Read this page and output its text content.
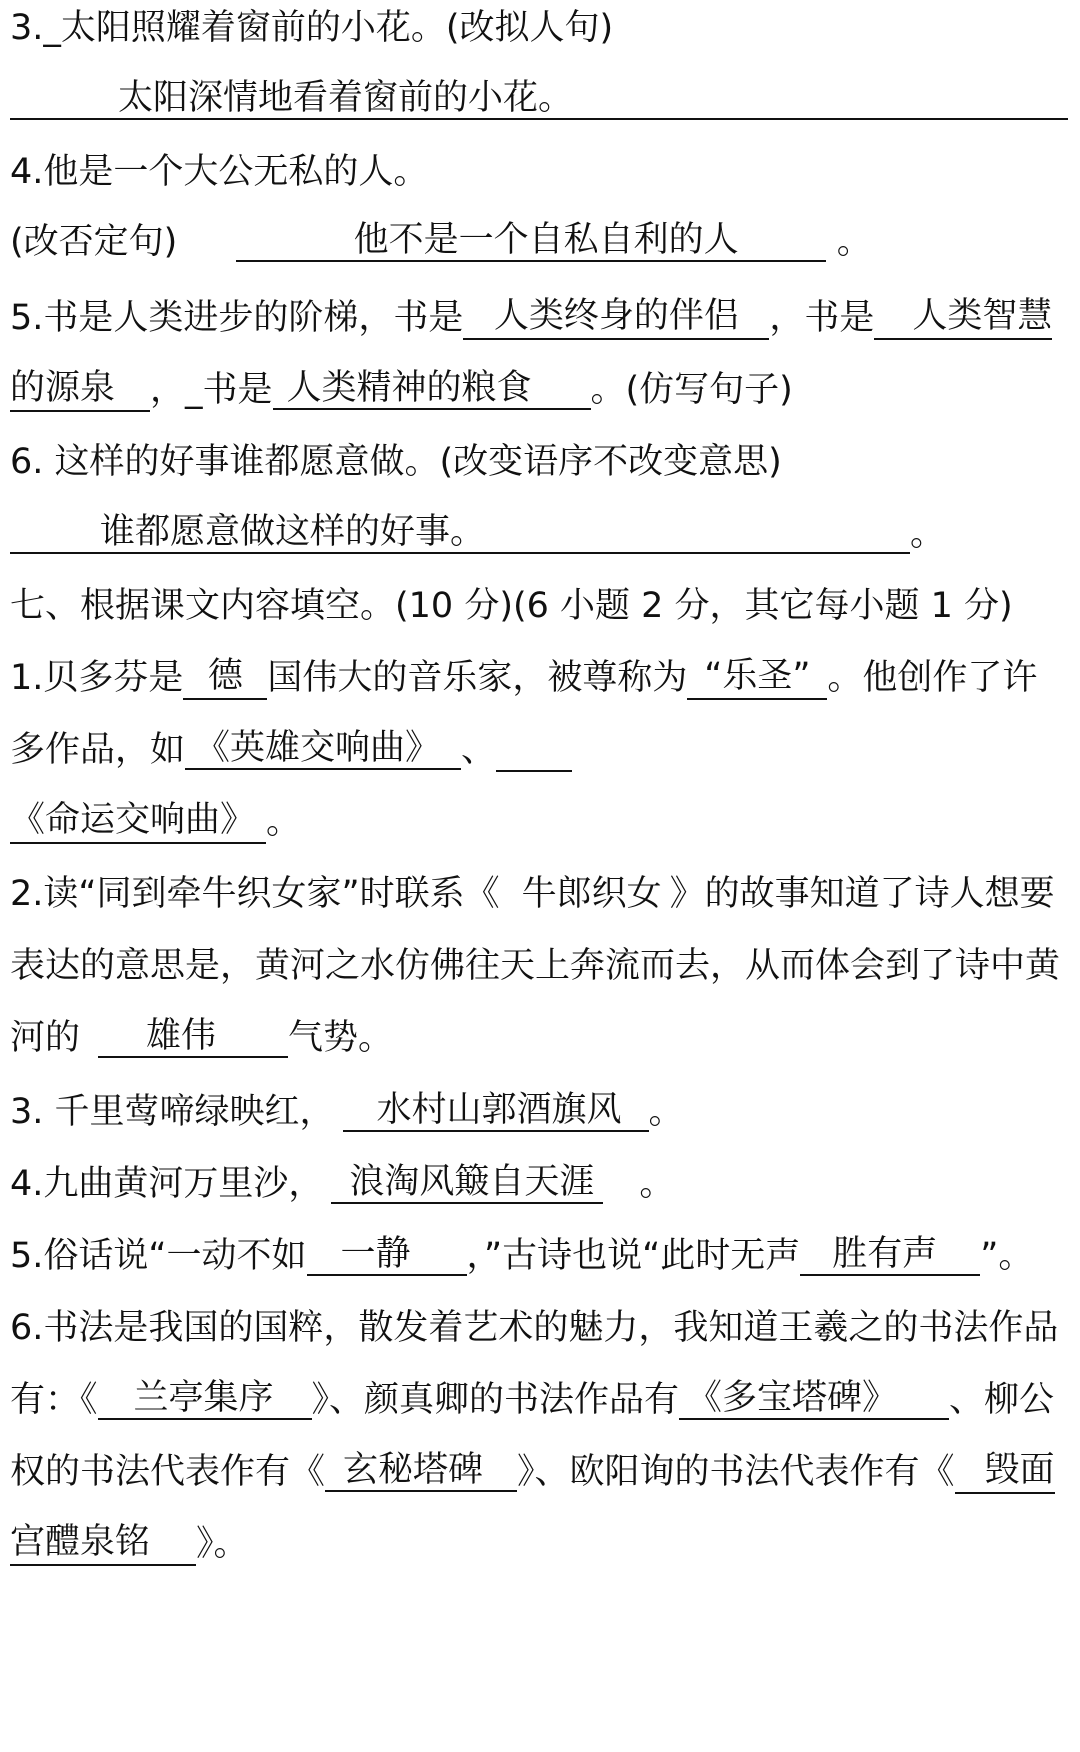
3._太阳照耀着窗前的小花。(改拟人句)
太阳深情地看着窗前的小花。
4.他是一个大公无私的人。
(改否定句)	他不是一个自私自利的人	。
5.书是人类进步的阶梯，书是 人类终身的伴侣 ，书是 人类智慧
的源泉 ，_书是 人类精神的粮食 。(仿写句子)
6. 这样的好事谁都愿意做。(改变语序不改变意思)
谁都愿意做这样的好事。	。
七、根据课文内容填空。(10 分)(6 小题 2 分，其它每小题 1 分)
1.贝多芬是 德 国伟大的音乐家，被尊称为 “乐圣” 。他创作了许
多作品，如 《英雄交响曲》 、
《命运交响曲》 。
2.读“同到牵牛织女家”时联系《 牛郎织女 》的故事知道了诗人想要
表达的意思是，黄河之水仿佛往天上奔流而去，从而体会到了诗中黄
河的 雄伟 气势。
3. 千里莺啼绿映红， 水村山郭酒旗风 。
4.九曲黄河万里沙， 浪淘风簸自天涯 。
5.俗话说“一动不如 一静 ，”古诗也说“此时无声 胜有声 ”。
6.书法是我国的国粹，散发着艺术的魅力，我知道王羲之的书法作品
有：《 兰亭集序 》、颜真卿的书法作品有 《多宝塔碑》 、柳公
权的书法代表作有《 玄秘塔碑 》、欧阳询的书法代表作有《 毁面
宫醴泉铭 》。
